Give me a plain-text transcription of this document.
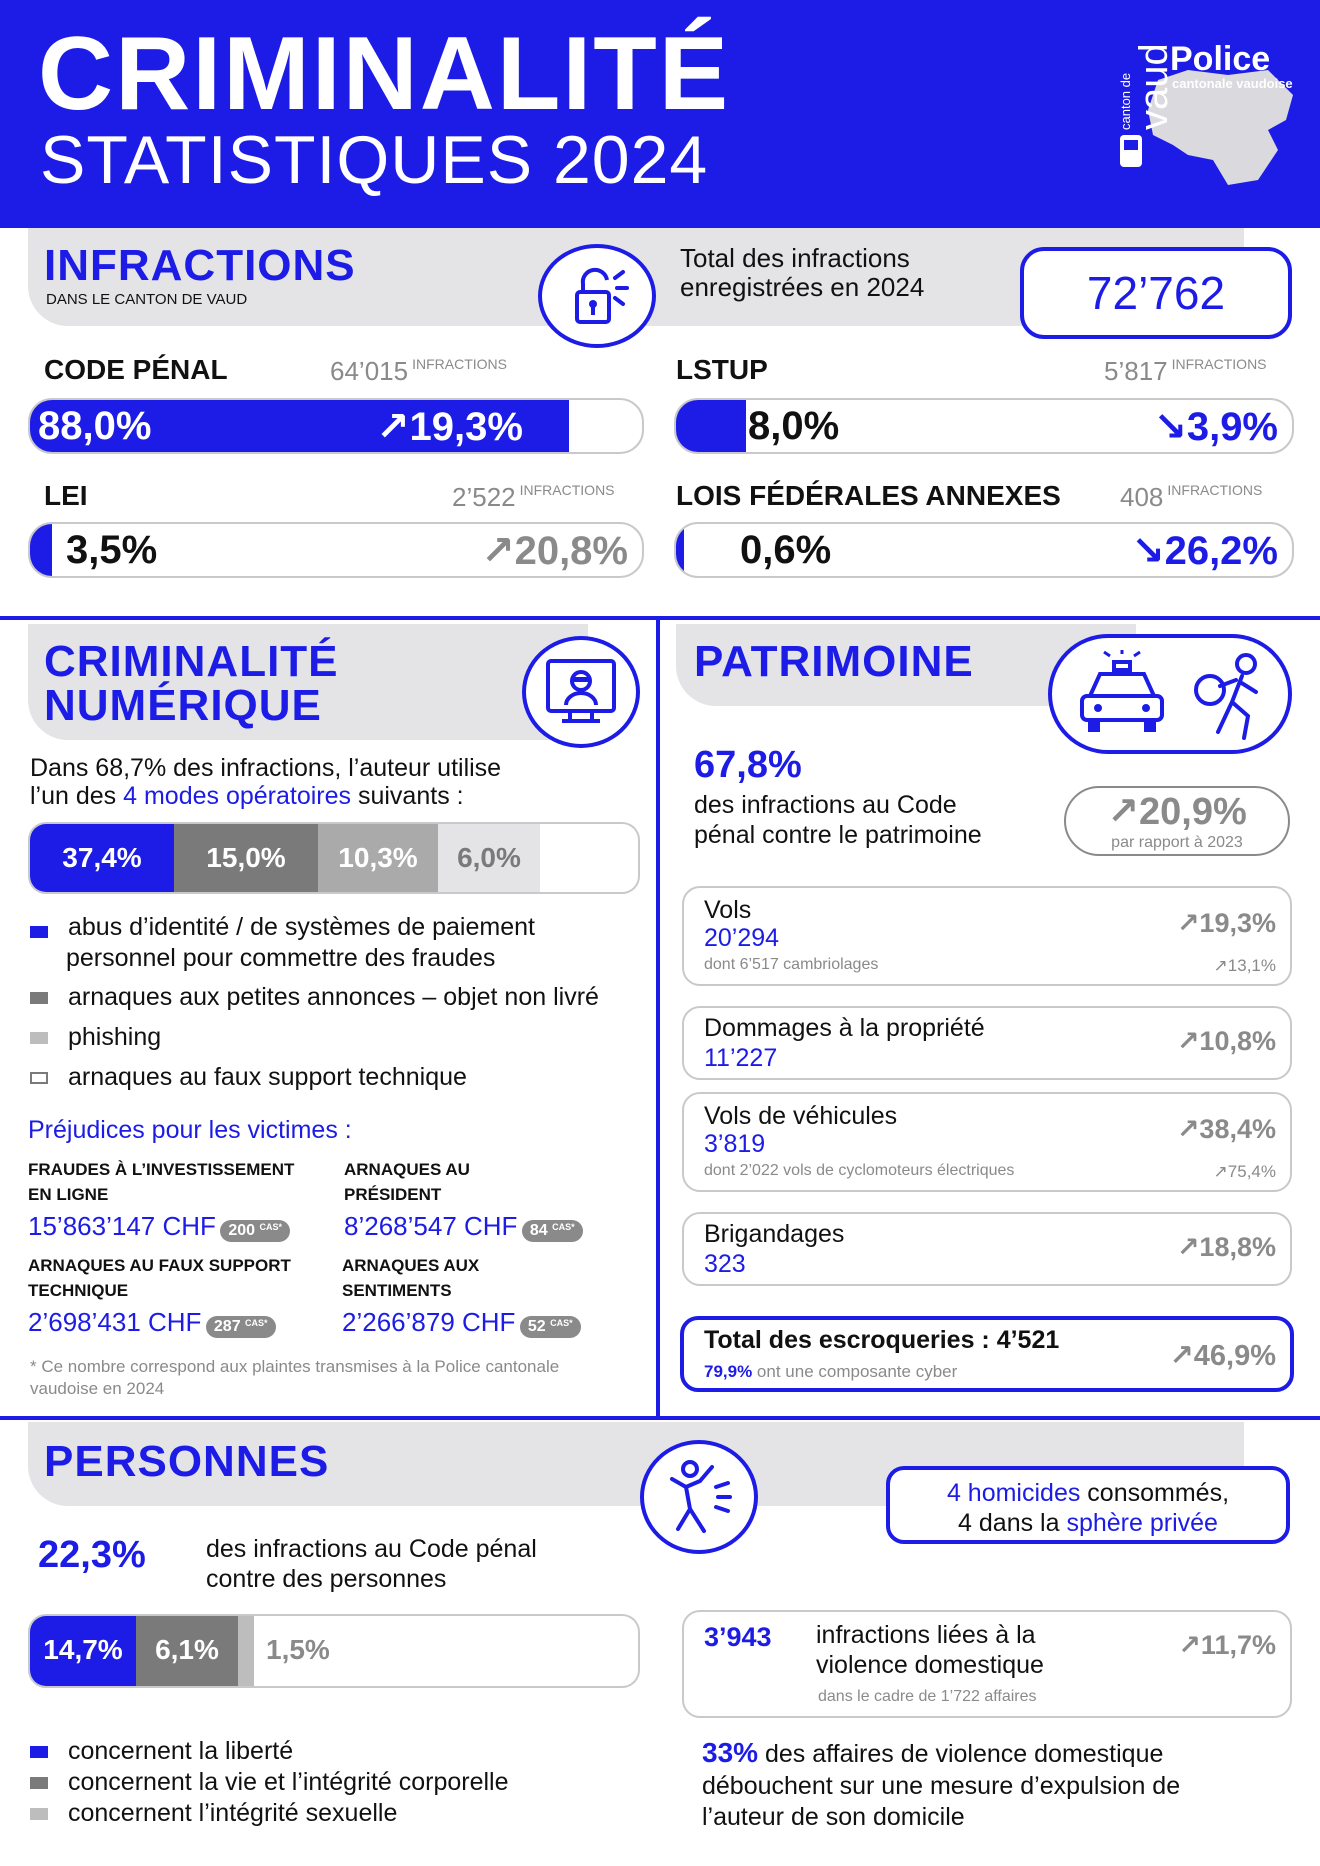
CRIMINALITÉ
STATISTIQUES 2024
canton de vaud
Police
cantonale vaudoise
INFRACTIONS
DANS LE CANTON DE VAUD
Total des infractions enregistrées en 2024	72’762
CODE PÉNAL	64’015 $^{INFRACTIONS}$
88,0%	↗19,3%
LSTUP	5’817 $^{INFRACTIONS}$
8,0%	↘3,9%
LEI	2’522 $^{INFRACTIONS}$
3,5%	↗20,8%
LOIS FÉDÉRALES ANNEXES 408 $^{INFRACTIONS}$
0,6%	↘26,2%
CRIMINALITÉ
NUMÉRIQUE
Dans 68,7% des infractions, l’auteur utilise
l’un des 4 modes opératoires suivants :
37,4%	15,0%	10,3%	6,0%
abus d’identité / de systèmes de paiement personnel pour commettre des fraudes
arnaques aux petites annonces – objet non livré
phishing
arnaques au faux support technique
Préjudices pour les victimes :
FRAUDES À L’INVESTISSEMENT
EN LIGNE
15’863’147 CHF 200 $^{CAS*}$
ARNAQUES AU
PRÉSIDENT
8’268’547 CHF 84 $^{CAS*}$
ARNAQUES AU FAUX SUPPORT
TECHNIQUE
2’698’431 CHF 287 $^{CAS*}$
ARNAQUES AUX
SENTIMENTS
2’266’879 CHF 52 $^{CAS*}$
* Ce nombre correspond aux plaintes transmises à la Police cantonale
vaudoise en 2024
PATRIMOINE
67,8%
des infractions au Code
pénal contre le patrimoine
↗20,9%
par rapport à 2023
Vols
20’294
dont 6’517 cambriolages
↗19,3%
↗13,1%
Dommages à la propriété
11’227
↗10,8%
Vols de véhicules
3’819
dont 2’022 vols de cyclomoteurs électriques
↗38,4%
↗75,4%
Brigandages
323
↗18,8%
Total des escroqueries : 4’521
79,9% ont une composante cyber	↗46,9%
PERSONNES
4 homicides consommés,
4 dans la sphère privée
22,3% des infractions au Code pénal
contre des personnes
14,7%	6,1%	1,5%
concernent la liberté
concernent la vie et l’intégrité corporelle
concernent l’intégrité sexuelle
3’943 infractions liées à la
violence domestique
dans le cadre de 1’722 affaires
↗11,7%
33% des affaires de violence domestique
débouchent sur une mesure d’expulsion de
l’auteur de son domicile
